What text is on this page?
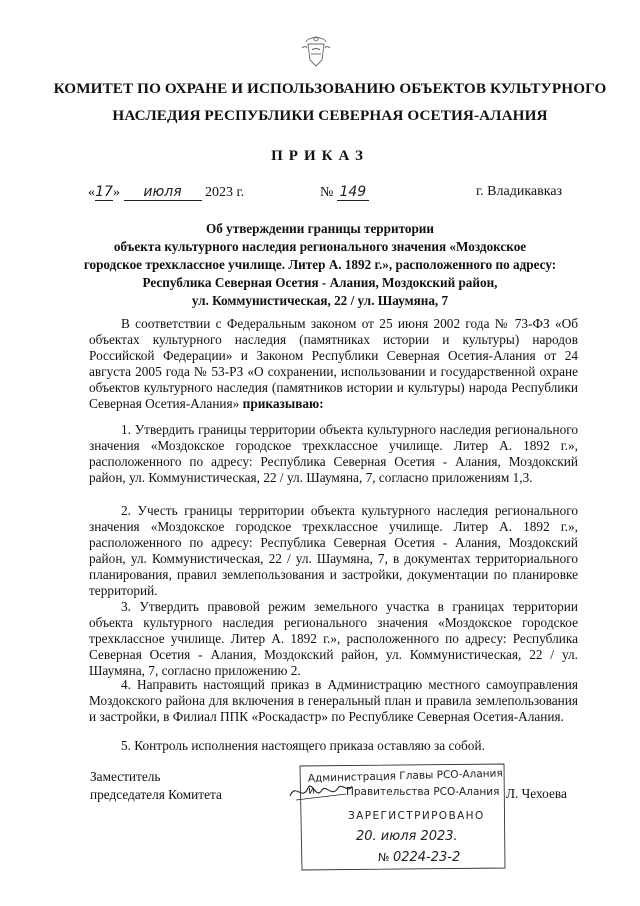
КОМИТЕТ ПО ОХРАНЕ И ИСПОЛЬЗОВАНИЮ ОБЪЕКТОВ КУЛЬТУРНОГО
НАСЛЕДИЯ РЕСПУБЛИКИ СЕВЕРНАЯ ОСЕТИЯ-АЛАНИЯ
ПРИКАЗ
«17» июля 2023 г.	№ 149	г. Владикавказ
Об утверждении границы территории
объекта культурного наследия регионального значения «Моздокское
городское трехклассное училище. Литер А. 1892 г.», расположенного по адресу:
Республика Северная Осетия - Алания, Моздокский район,
ул. Коммунистическая, 22 / ул. Шаумяна, 7
В соответствии с Федеральным законом от 25 июня 2002 года № 73-ФЗ «Об объектах культурного наследия (памятниках истории и культуры) народов Российской Федерации» и Законом Республики Северная Осетия-Алания от 24 августа 2005 года № 53-РЗ «О сохранении, использовании и государственной охране объектов культурного наследия (памятников истории и культуры) народа Республики Северная Осетия-Алания» приказываю:
1. Утвердить границы территории объекта культурного наследия регионального значения «Моздокское городское трехклассное училище. Литер А. 1892 г.», расположенного по адресу: Республика Северная Осетия - Алания, Моздокский район, ул. Коммунистическая, 22 / ул. Шаумяна, 7, согласно приложениям 1,3.
2. Учесть границы территории объекта культурного наследия регионального значения «Моздокское городское трехклассное училище. Литер А. 1892 г.», расположенного по адресу: Республика Северная Осетия - Алания, Моздокский район, ул. Коммунистическая, 22 / ул. Шаумяна, 7, в документах территориального планирования, правил землепользования и застройки, документации по планировке территорий.
3. Утвердить правовой режим земельного участка в границах территории объекта культурного наследия регионального значения «Моздокское городское трехклассное училище. Литер А. 1892 г.», расположенного по адресу: Республика Северная Осетия - Алания, Моздокский район, ул. Коммунистическая, 22 / ул. Шаумяна, 7, согласно приложению 2.
4. Направить настоящий приказ в Администрацию местного самоуправления Моздокского района для включения в генеральный план и правила землепользования и застройки, в Филиал ППК «Роскадастр» по Республике Северная Осетия-Алания.
5. Контроль исполнения настоящего приказа оставляю за собой.
Заместитель
председателя Комитета	Л. Чехоева
Администрация Главы РСО-Алания и	Правительства РСО-Алания
ЗАРЕГИСТРИРОВАНО
20. июля 2023.
№ 0224-23-2
